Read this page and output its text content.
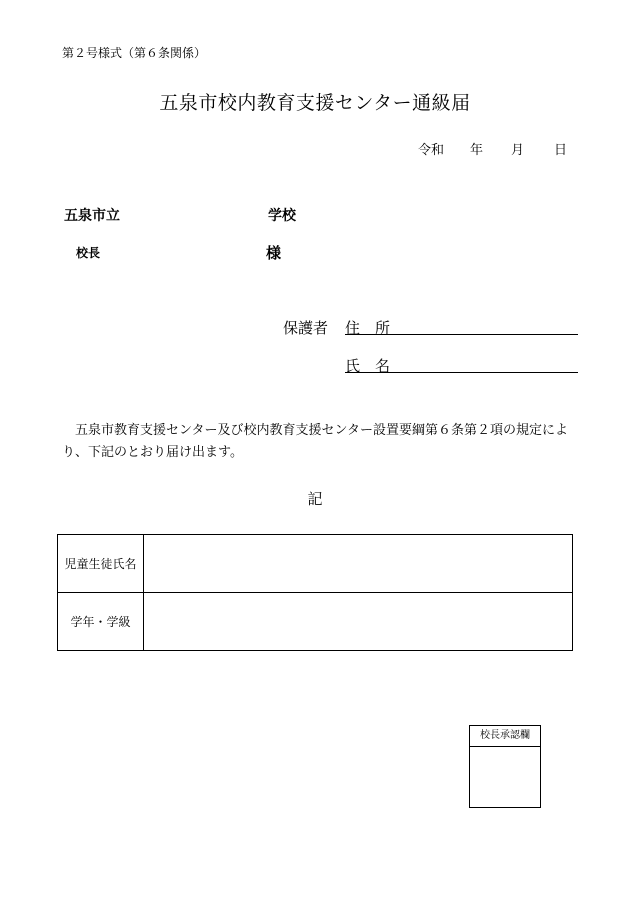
第２号様式（第６条関係）
五泉市校内教育支援センター通級届
令和 年 月 日
五泉市立	学校
校長	様
保護者 住　所
氏　名
五泉市教育支援センター及び校内教育支援センター設置要綱第６条第２項の規定により、下記のとおり届け出ます。
記
児童生徒氏名	
学年・学級	
校長承認欄
